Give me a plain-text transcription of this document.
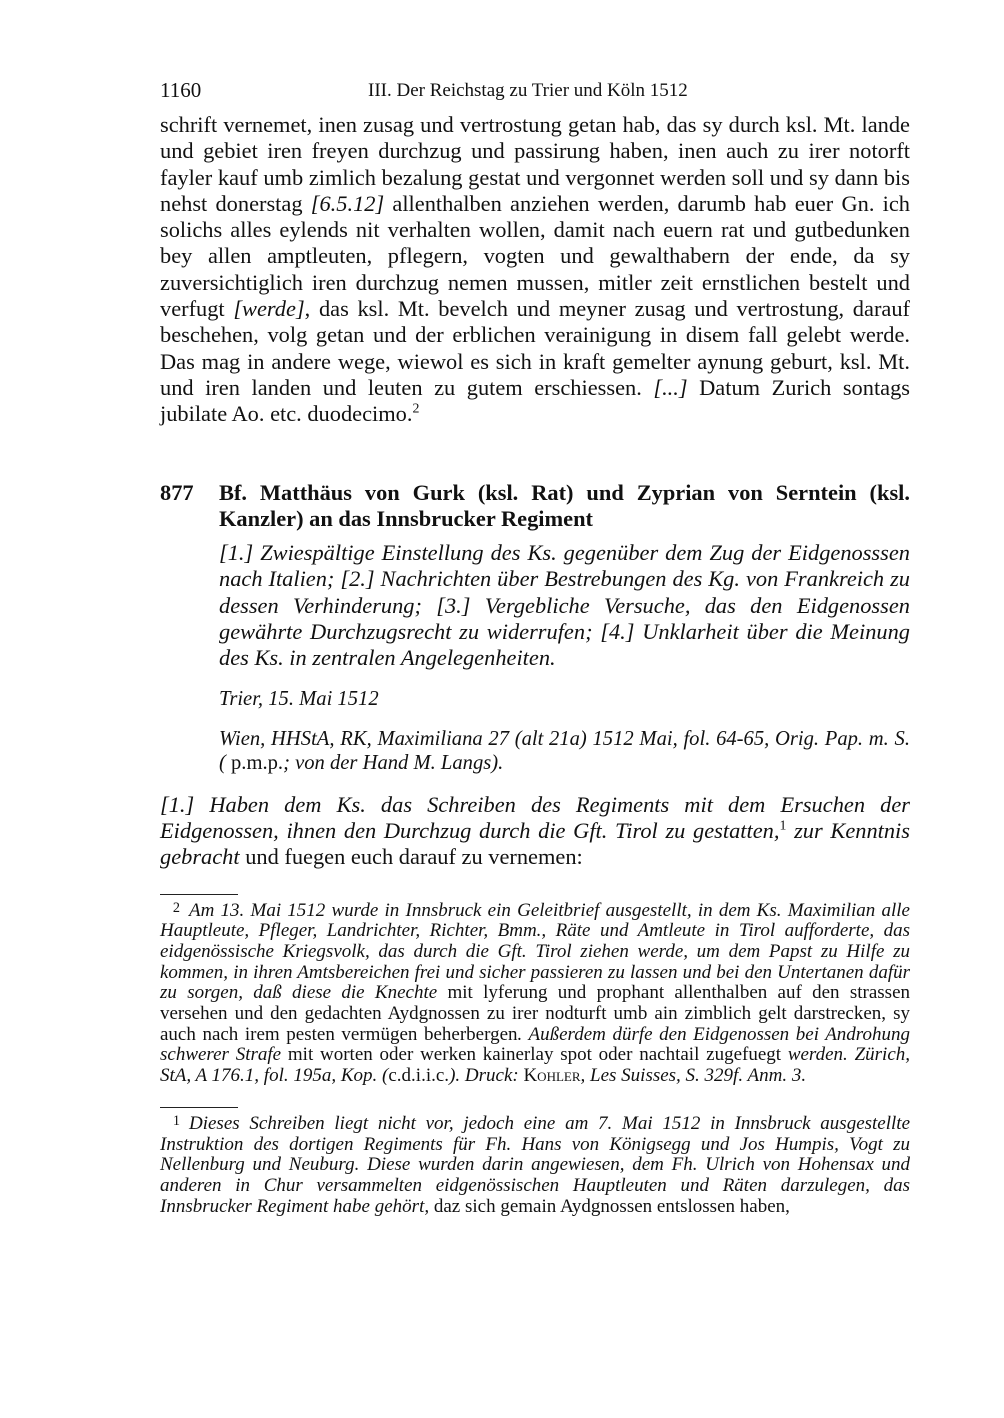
1160	III. Der Reichstag zu Trier und Köln 1512

schrift vernemet, inen zusag und vertrostung getan hab, das sy durch ksl. Mt. lande und gebiet iren freyen durchzug und passirung haben, inen auch zu irer notorft fayler kauf umb zimlich bezalung gestat und vergonnet werden soll und sy dann bis nehst donerstag [6.5.12] allenthalben anziehen werden, darumb hab euer Gn. ich solichs alles eylends nit verhalten wollen, damit nach euern rat und gutbedunken bey allen amptleuten, pflegern, vogten und gewalthabern der ende, da sy zuversichtiglich iren durchzug nemen mussen, mitler zeit ernstlichen bestelt und verfugt [werde], das ksl. Mt. bevelch und meyner zusag und vertrostung, darauf beschehen, volg getan und der erblichen verainigung in disem fall gelebt werde. Das mag in andere wege, wiewol es sich in kraft gemelter aynung geburt, ksl. Mt. und iren landen und leuten zu gutem erschiessen. [...] Datum Zurich sontags jubilate Ao. etc. duodecimo.$^2$

877	Bf. Matthäus von Gurk (ksl. Rat) und Zyprian von Serntein (ksl. Kanzler) an das Innsbrucker Regiment

[1.] Zwiespältige Einstellung des Ks. gegenüber dem Zug der Eidgenosssen nach Italien; [2.] Nachrichten über Bestrebungen des Kg. von Frankreich zu dessen Verhinderung; [3.] Vergebliche Versuche, das den Eidgenossen gewährte Durchzugsrecht zu widerrufen; [4.] Unklarheit über die Meinung des Ks. in zentralen Angelegenheiten.

Trier, 15. Mai 1512

Wien, HHStA, RK, Maximiliana 27 (alt 21a) 1512 Mai, fol. 64-65, Orig. Pap. m. S. ( p.m.p.; von der Hand M. Langs).

[1.] Haben dem Ks. das Schreiben des Regiments mit dem Ersuchen der Eidgenossen, ihnen den Durchzug durch die Gft. Tirol zu gestatten,$^1$ zur Kenntnis gebracht und fuegen euch darauf zu vernemen:

2 Am 13. Mai 1512 wurde in Innsbruck ein Geleitbrief ausgestellt, in dem Ks. Maximilian alle Hauptleute, Pfleger, Landrichter, Richter, Bmm., Räte und Amtleute in Tirol aufforderte, das eidgenössische Kriegsvolk, das durch die Gft. Tirol ziehen werde, um dem Papst zu Hilfe zu kommen, in ihren Amtsbereichen frei und sicher passieren zu lassen und bei den Untertanen dafür zu sorgen, daß diese die Knechte mit lyferung und prophant allenthalben auf den strassen versehen und den gedachten Aydgnossen zu irer nodturft umb ain zimblich gelt darstrecken, sy auch nach irem pesten vermügen beherbergen. Außerdem dürfe den Eidgenossen bei Androhung schwerer Strafe mit worten oder werken kainerlay spot oder nachtail zugefuegt werden. Zürich, StA, A 176.1, fol. 195a, Kop. (c.d.i.i.c.). Druck: Kohler, Les Suisses, S. 329f. Anm. 3.

1 Dieses Schreiben liegt nicht vor, jedoch eine am 7. Mai 1512 in Innsbruck ausgestellte Instruktion des dortigen Regiments für Fh. Hans von Königsegg und Jos Humpis, Vogt zu Nellenburg und Neuburg. Diese wurden darin angewiesen, dem Fh. Ulrich von Hohensax und anderen in Chur versammelten eidgenössischen Hauptleuten und Räten darzulegen, das Innsbrucker Regiment habe gehört, daz sich gemain Aydgnossen entslossen haben,
